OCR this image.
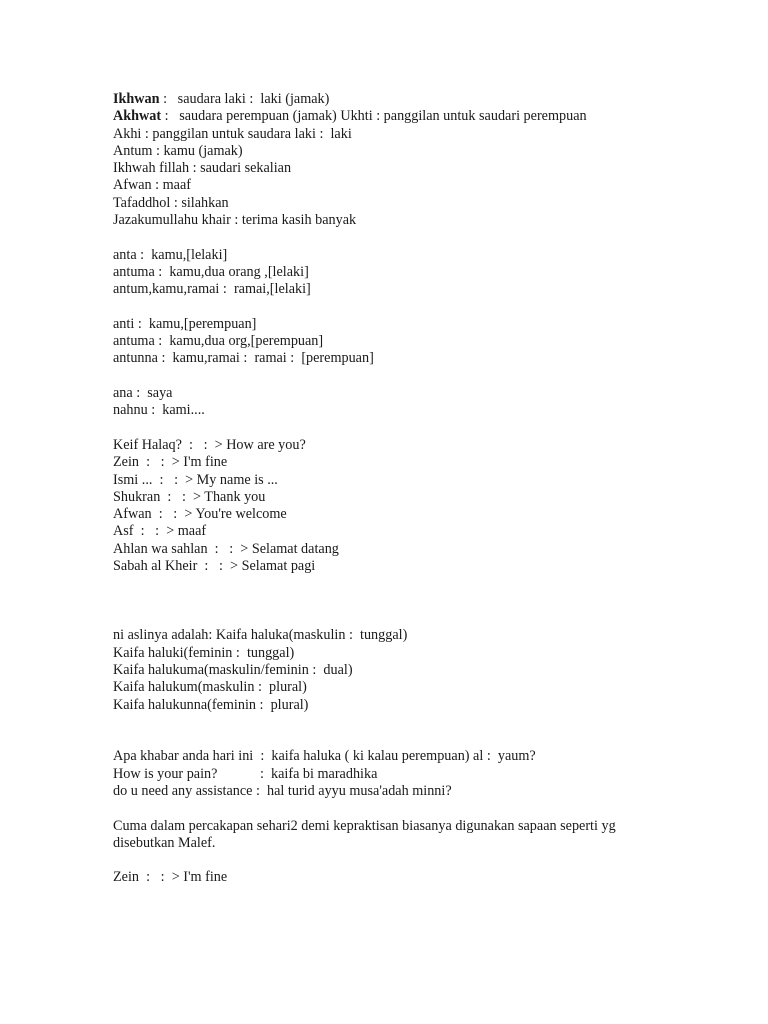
Ikhwan :   saudara laki :  laki (jamak)
Akhwat :   saudara perempuan (jamak) Ukhti : panggilan untuk saudari perempuan
Akhi : panggilan untuk saudara laki :  laki
Antum : kamu (jamak)
Ikhwah fillah : saudari sekalian
Afwan : maaf
Tafaddhol : silahkan
Jazakumullahu khair : terima kasih banyak
anta :  kamu,[lelaki]
antuma :  kamu,dua orang ,[lelaki]
antum,kamu,ramai :  ramai,[lelaki]
anti :  kamu,[perempuan]
antuma :  kamu,dua org,[perempuan]
antunna :  kamu,ramai :  ramai :  [perempuan]
ana :  saya
nahnu :  kami....
Keif Halaq?  :   :  > How are you?
Zein  :   :  > I'm fine
Ismi ...  :   :  > My name is ...
Shukran  :   :  > Thank you
Afwan  :   :  > You're welcome
Asf  :   :  > maaf
Ahlan wa sahlan  :   :  > Selamat datang
Sabah al Kheir  :   :  > Selamat pagi
ni aslinya adalah: Kaifa haluka(maskulin :  tunggal)
Kaifa haluki(feminin :  tunggal)
Kaifa halukuma(maskulin/feminin :  dual)
Kaifa halukum(maskulin :  plural)
Kaifa halukunna(feminin :  plural)
Apa khabar anda hari ini  :  kaifa haluka ( ki kalau perempuan) al :  yaum?
How is your pain?            :  kaifa bi maradhika
do u need any assistance :  hal turid ayyu musa'adah minni?
Cuma dalam percakapan sehari2 demi kepraktisan biasanya digunakan sapaan seperti yg
disebutkan Malef.
Zein  :   :  > I'm fine
